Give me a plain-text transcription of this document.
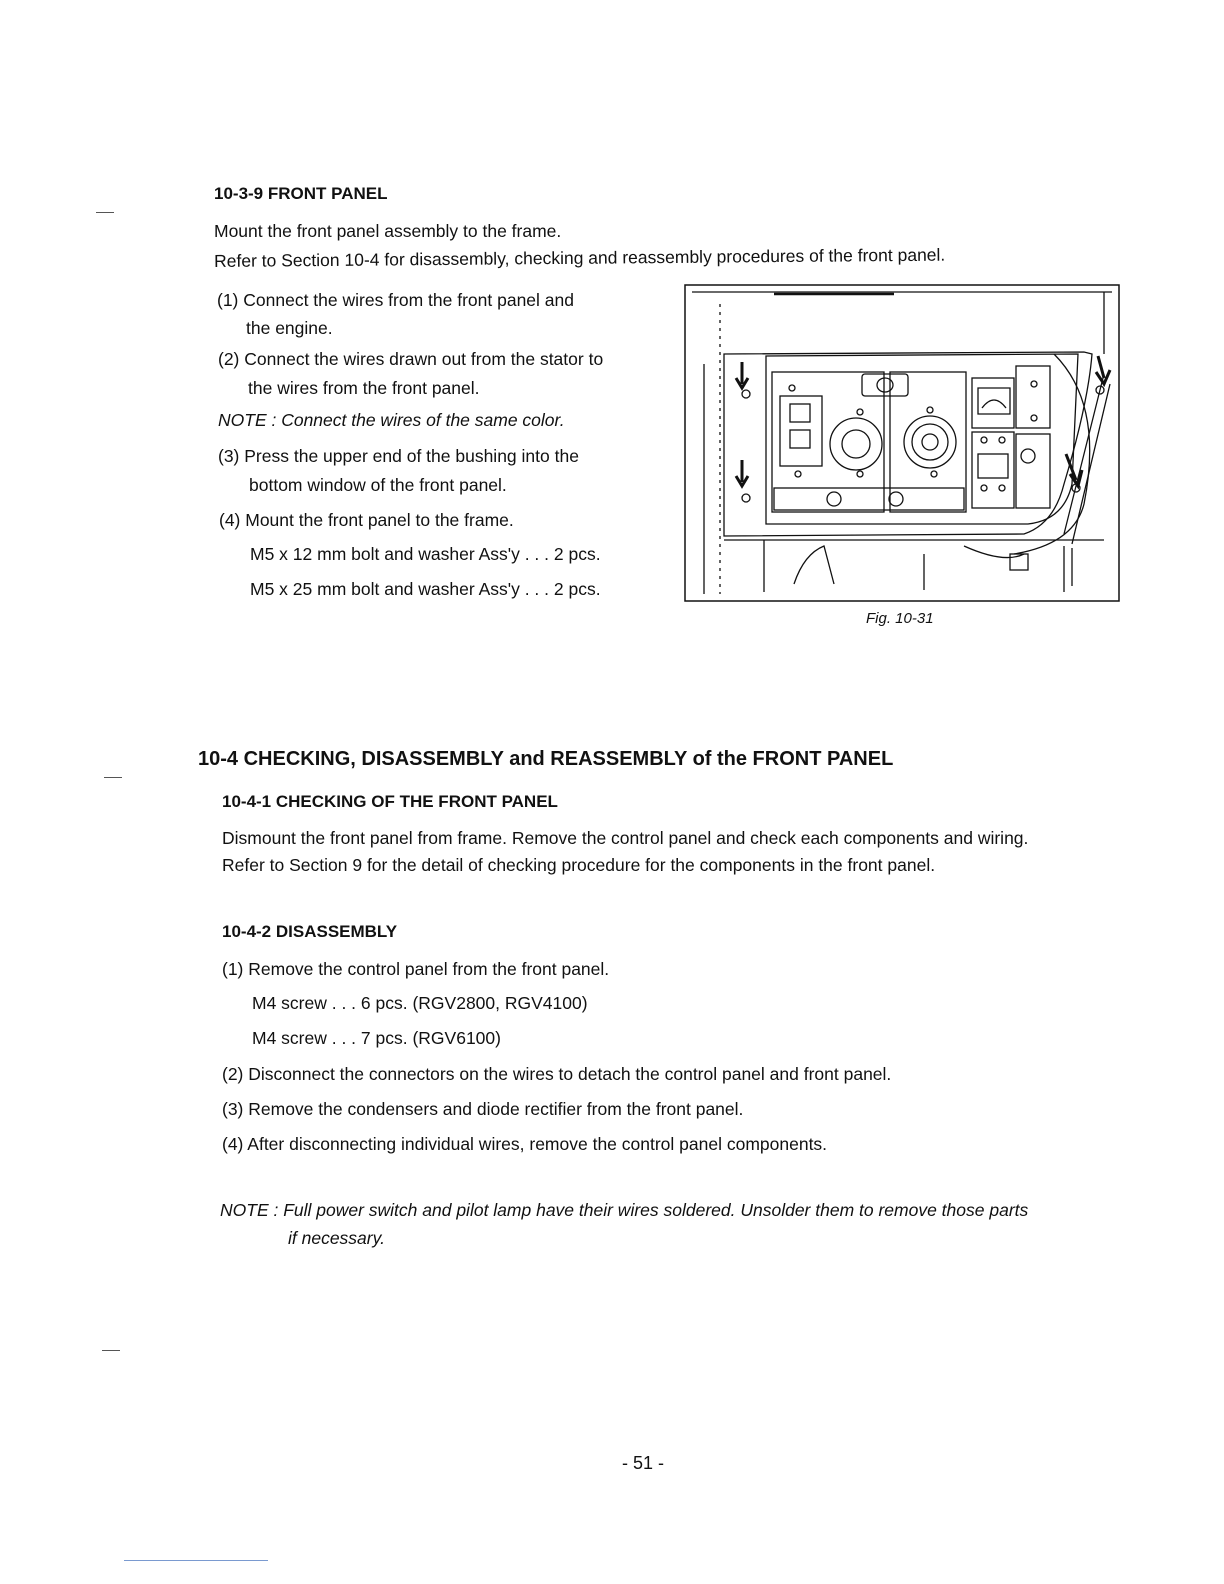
10-3-9 FRONT PANEL
Mount the front panel assembly to the frame.
Refer to Section 10-4 for disassembly, checking and reassembly procedures of the front panel.
(1) Connect the wires from the front panel and
the engine.
(2) Connect the wires drawn out from the stator to
the wires from the front panel.
NOTE : Connect the wires of the same color.
(3) Press the upper end of the bushing into the
bottom window of the front panel.
(4) Mount the front panel to the frame.
M5 x 12 mm bolt and washer Ass'y . . . 2 pcs.
M5 x 25 mm bolt and washer Ass'y . . . 2 pcs.
Fig. 10-31
10-4 CHECKING, DISASSEMBLY and REASSEMBLY of the FRONT PANEL
10-4-1 CHECKING OF THE FRONT PANEL
Dismount the front panel from frame. Remove the control panel and check each components and wiring.
Refer to Section 9 for the detail of checking procedure for the components in the front panel.
10-4-2 DISASSEMBLY
(1) Remove the control panel from the front panel.
M4 screw . . . 6 pcs. (RGV2800, RGV4100)
M4 screw . . . 7 pcs. (RGV6100)
(2) Disconnect the connectors on the wires to detach the control panel and front panel.
(3) Remove the condensers and diode rectifier from the front panel.
(4) After disconnecting individual wires, remove the control panel components.
NOTE : Full power switch and pilot lamp have their wires soldered. Unsolder them to remove those parts
if necessary.
- 51 -
